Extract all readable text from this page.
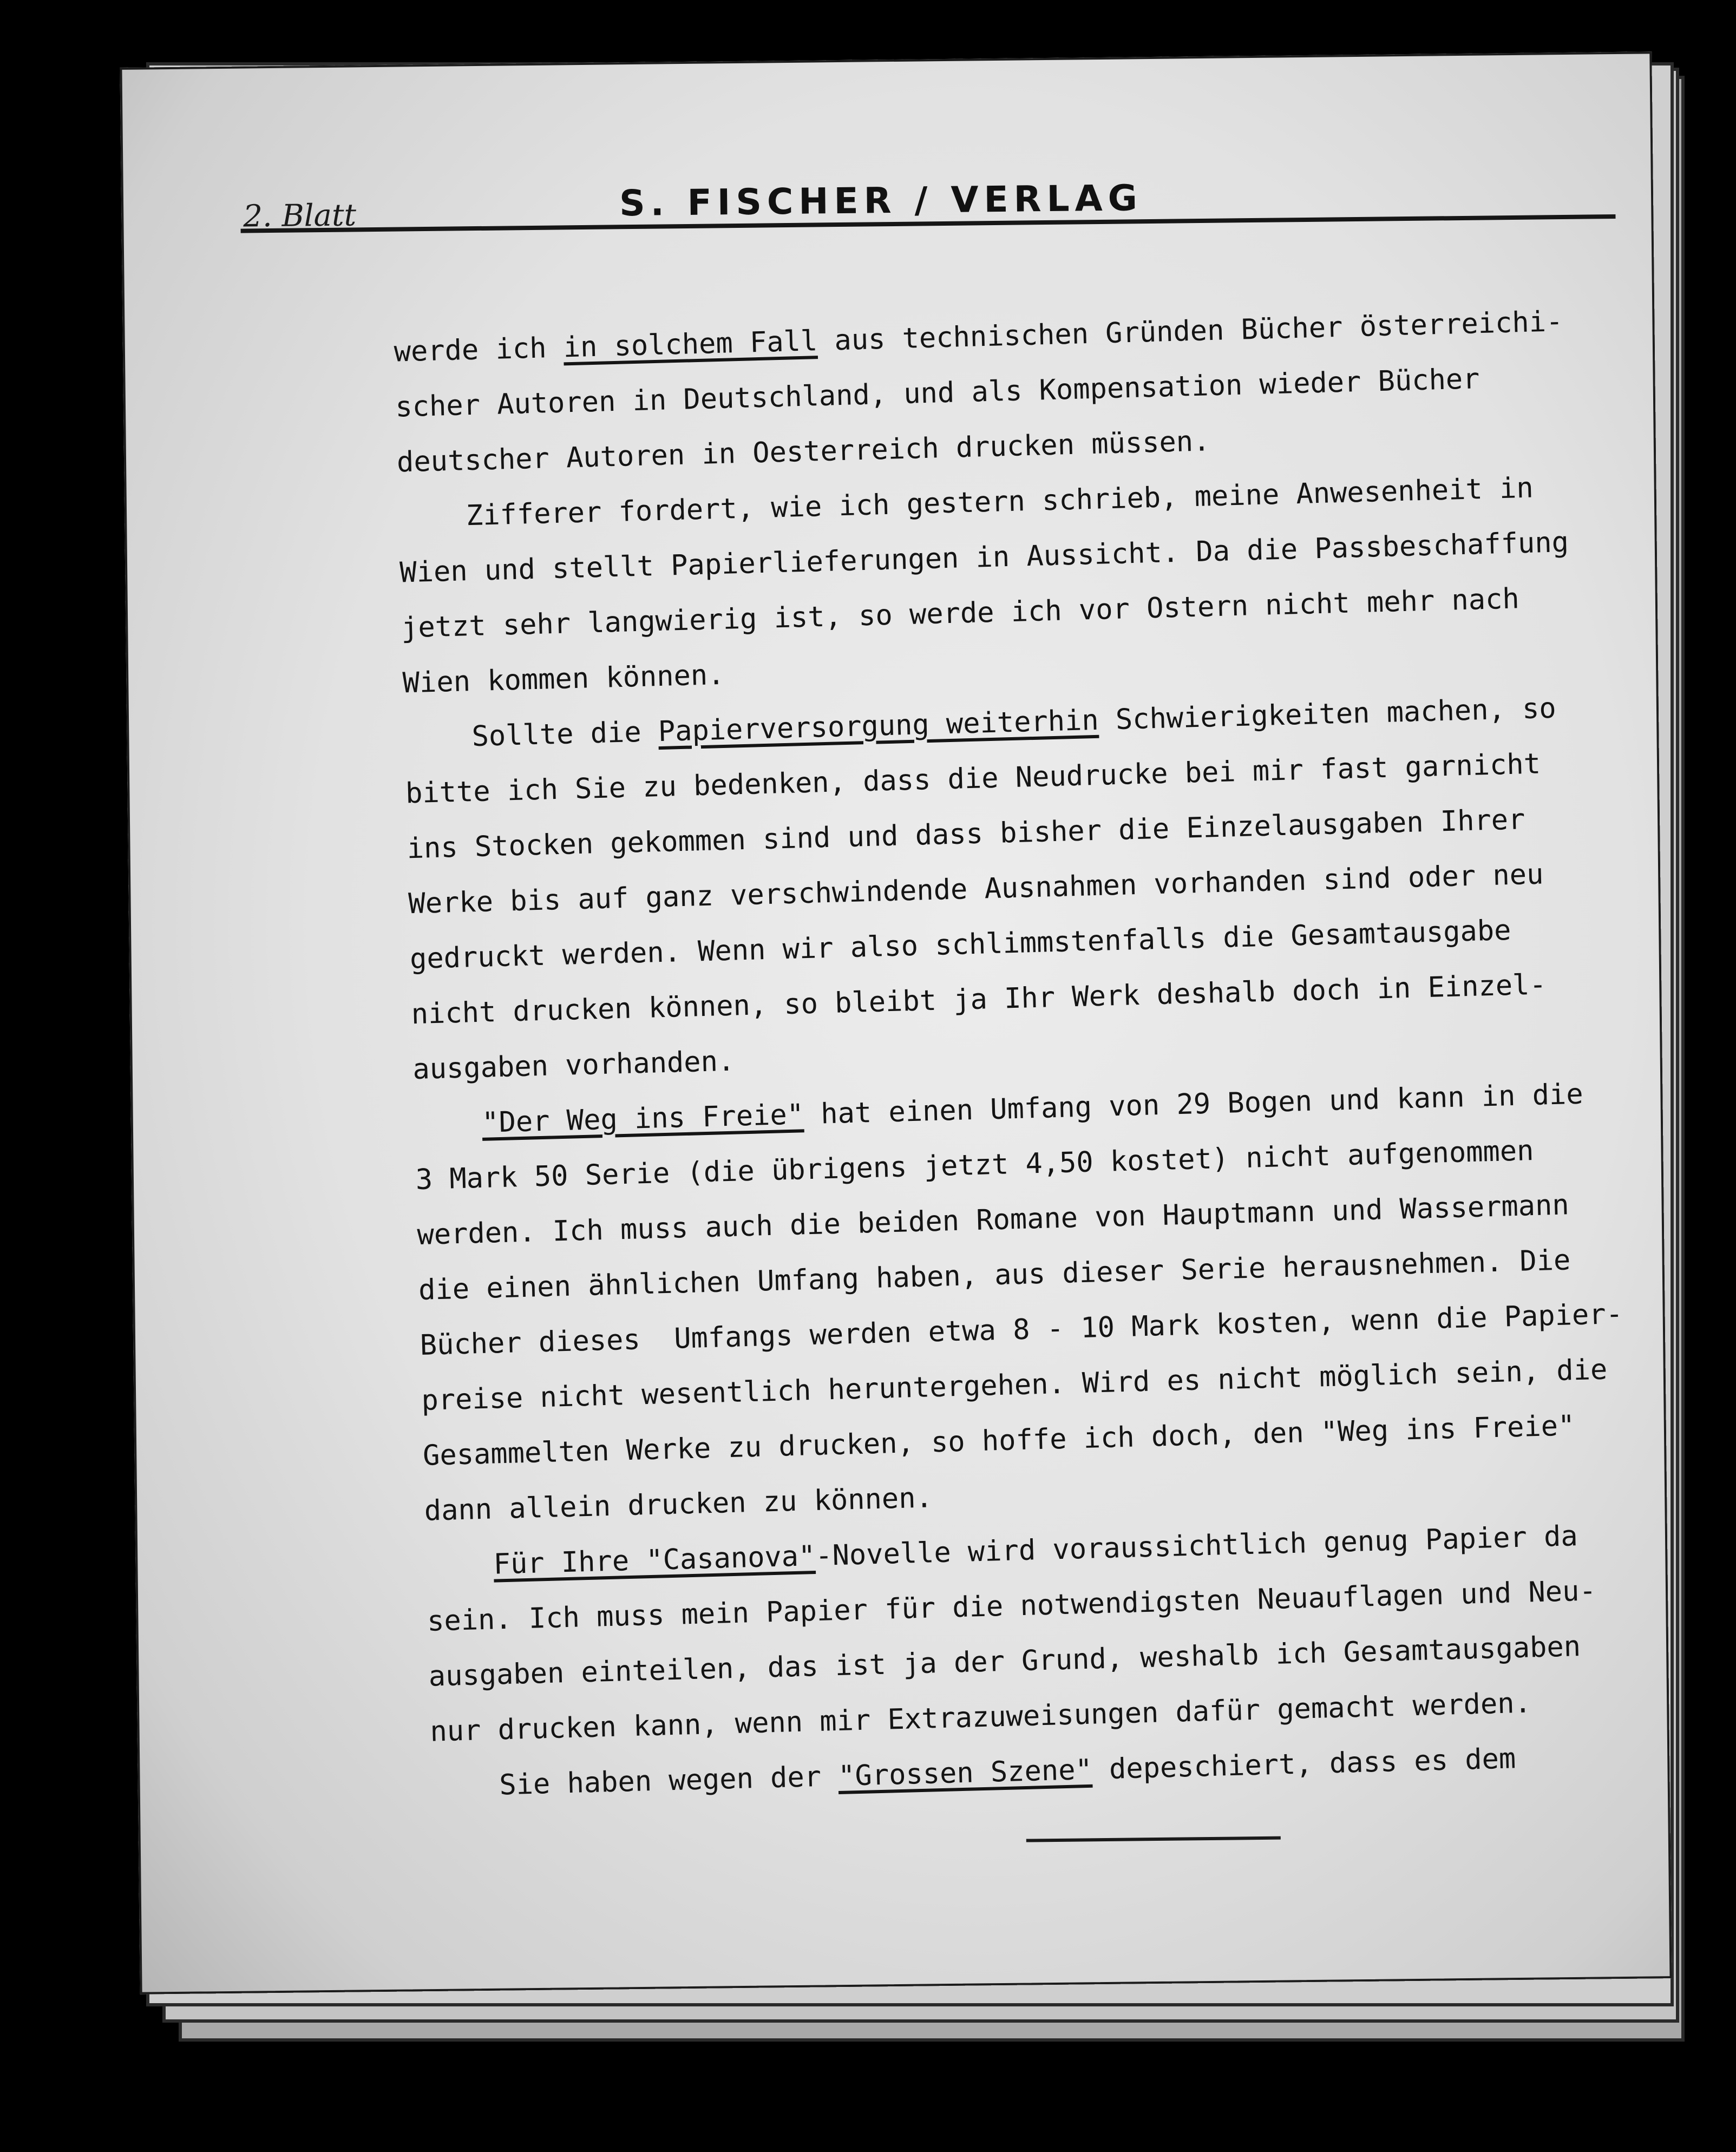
2. Blatt	S. FISCHER / VERLAG
werde ich in solchem Fall aus technischen Gründen Bücher österreichi-
scher Autoren in Deutschland, und als Kompensation wieder Bücher
deutscher Autoren in Oesterreich drucken müssen.
Zifferer fordert, wie ich gestern schrieb, meine Anwesenheit in
Wien und stellt Papierlieferungen in Aussicht. Da die Passbeschaffung
jetzt sehr langwierig ist, so werde ich vor Ostern nicht mehr nach
Wien kommen können.
Sollte die Papierversorgung weiterhin Schwierigkeiten machen, so
bitte ich Sie zu bedenken, dass die Neudrucke bei mir fast garnicht
ins Stocken gekommen sind und dass bisher die Einzelausgaben Ihrer
Werke bis auf ganz verschwindende Ausnahmen vorhanden sind oder neu
gedruckt werden. Wenn wir also schlimmstenfalls die Gesamtausgabe
nicht drucken können, so bleibt ja Ihr Werk deshalb doch in Einzel-
ausgaben vorhanden.
"Der Weg ins Freie" hat einen Umfang von 29 Bogen und kann in die
3 Mark 50 Serie (die übrigens jetzt 4,50 kostet) nicht aufgenommen
werden. Ich muss auch die beiden Romane von Hauptmann und Wassermann
die einen ähnlichen Umfang haben, aus dieser Serie herausnehmen. Die
Bücher dieses  Umfangs werden etwa 8 - 10 Mark kosten, wenn die Papier-
preise nicht wesentlich heruntergehen. Wird es nicht möglich sein, die
Gesammelten Werke zu drucken, so hoffe ich doch, den "Weg ins Freie"
dann allein drucken zu können.
Für Ihre "Casanova"-Novelle wird voraussichtlich genug Papier da
sein. Ich muss mein Papier für die notwendigsten Neuauflagen und Neu-
ausgaben einteilen, das ist ja der Grund, weshalb ich Gesamtausgaben
nur drucken kann, wenn mir Extrazuweisungen dafür gemacht werden.
Sie haben wegen der "Grossen Szene" depeschiert, dass es dem
